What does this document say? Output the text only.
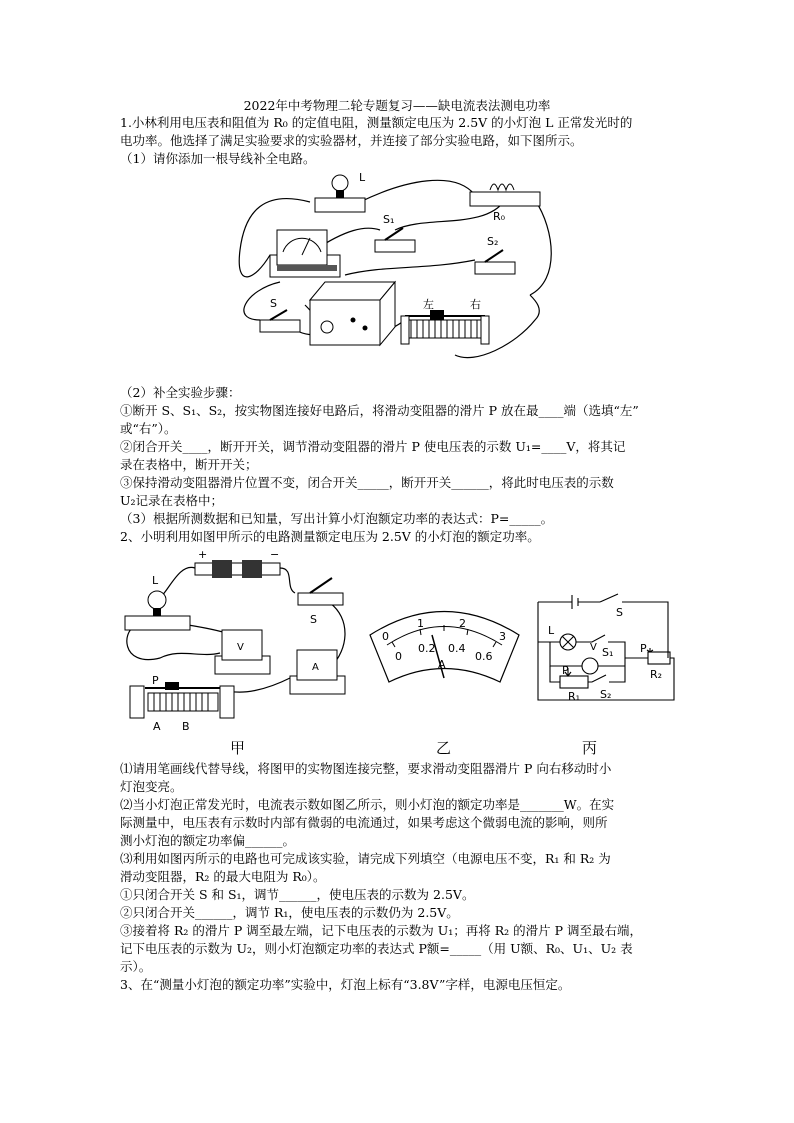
2022年中考物理二轮专题复习——缺电流表法测电功率
1.小林利用电压表和阻值为 R₀ 的定值电阻，测量额定电压为 2.5V 的小灯泡 L 正常发光时的
电功率。他选择了满足实验要求的实验器材，并连接了部分实验电路，如下图所示。
（1）请你添加一根导线补全电路。
L
R₀
S₁
S₂
S	左	右
（2）补全实验步骤：
①断开 S、S₁、S₂，按实物图连接好电路后，将滑动变阻器的滑片 P 放在最____端（选填“左”
或“右”）。
②闭合开关____，断开开关，调节滑动变阻器的滑片 P 使电压表的示数 U₁=____V，将其记
录在表格中，断开开关；
③保持滑动变阻器滑片位置不变，闭合开关_____，断开开关______，将此时电压表的示数
U₂记录在表格中；
（3）根据所测数据和已知量，写出计算小灯泡额定功率的表达式：P=_____。
2、小明利用如图甲所示的电路测量额定电压为 2.5V 的小灯泡的额定功率。
+	−
L
S
V
A
P
A B
0
1	2
3
0
0.2 0.4
0.6
A
V
S
L
S₁
S₂
P
P
R₁
R₂
甲	乙	丙
⑴请用笔画线代替导线，将图甲的实物图连接完整，要求滑动变阻器滑片 P 向右移动时小
灯泡变亮。
⑵当小灯泡正常发光时，电流表示数如图乙所示，则小灯泡的额定功率是_______W。在实
际测量中，电压表有示数时内部有微弱的电流通过，如果考虑这个微弱电流的影响，则所
测小灯泡的额定功率偏______。
⑶利用如图丙所示的电路也可完成该实验，请完成下列填空（电源电压不变，R₁ 和 R₂ 为
滑动变阻器，R₂ 的最大电阻为 R₀）。
①只闭合开关 S 和 S₁，调节______，使电压表的示数为 2.5V。
②只闭合开关______，调节 R₁，使电压表的示数仍为 2.5V。
③接着将 R₂ 的滑片 P 调至最左端，记下电压表的示数为 U₁；再将 R₂ 的滑片 P 调至最右端，
记下电压表的示数为 U₂，则小灯泡额定功率的表达式 P额=_____（用 U额、R₀、U₁、U₂ 表
示）。
3、在“测量小灯泡的额定功率”实验中，灯泡上标有“3.8V”字样，电源电压恒定。
